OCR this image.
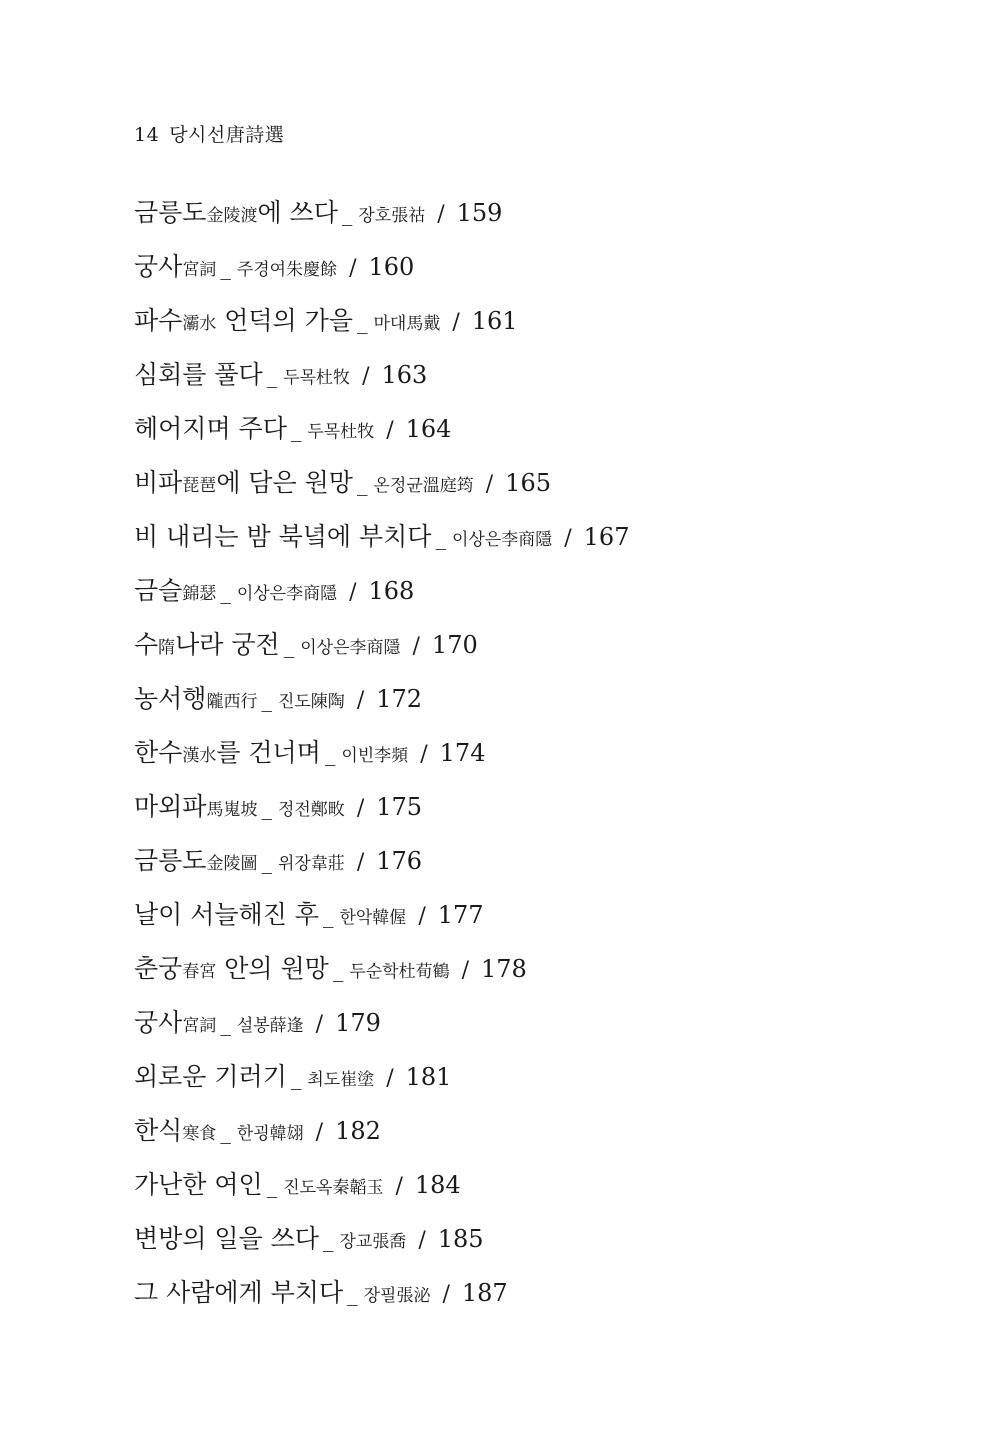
14 당시선唐詩選
금릉도金陵渡에 쓰다 _ 장호張祜 / 159
궁사宮詞 _ 주경여朱慶餘 / 160
파수灞水 언덕의 가을 _ 마대馬戴 / 161
심회를 풀다 _ 두목杜牧 / 163
헤어지며 주다 _ 두목杜牧 / 164
비파琵琶에 담은 원망 _ 온정균溫庭筠 / 165
비 내리는 밤 북녘에 부치다 _ 이상은李商隱 / 167
금슬錦瑟 _ 이상은李商隱 / 168
수隋나라 궁전 _ 이상은李商隱 / 170
농서행隴西行 _ 진도陳陶 / 172
한수漢水를 건너며 _ 이빈李頻 / 174
마외파馬嵬坡 _ 정전鄭畋 / 175
금릉도金陵圖 _ 위장韋莊 / 176
날이 서늘해진 후 _ 한악韓偓 / 177
춘궁春宮 안의 원망 _ 두순학杜荀鶴 / 178
궁사宮詞 _ 설봉薛逢 / 179
외로운 기러기 _ 최도崔塗 / 181
한식寒食 _ 한굉韓翃 / 182
가난한 여인 _ 진도옥秦韜玉 / 184
변방의 일을 쓰다 _ 장교張喬 / 185
그 사람에게 부치다 _ 장필張泌 / 187
